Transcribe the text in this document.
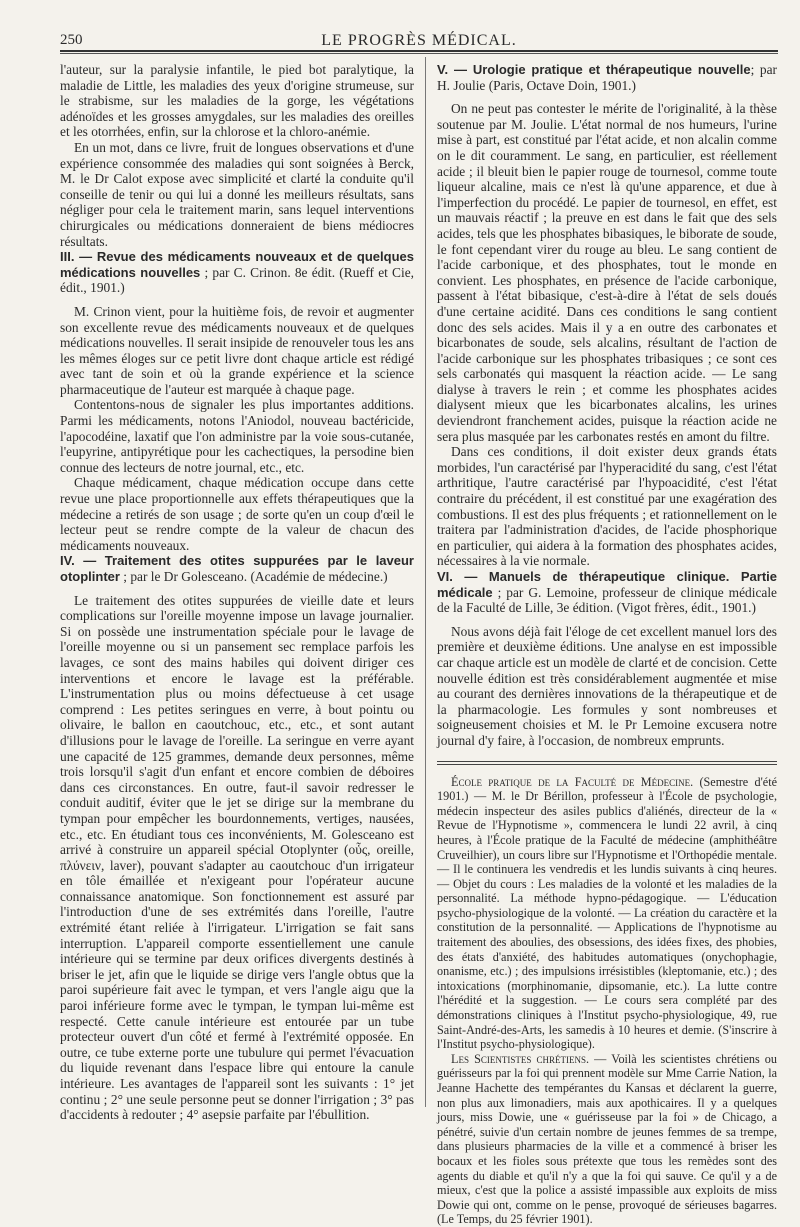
250	LE PROGRÈS MÉDICAL.

l'auteur, sur la paralysie infantile, le pied bot paralytique, la maladie de Little, les maladies des yeux d'origine strumeuse, sur le strabisme, sur les maladies de la gorge, les végétations adénoïdes et les grosses amygdales, sur les maladies des oreilles et les otorrhées, enfin, sur la chlorose et la chloro-anémie.

En un mot, dans ce livre, fruit de longues observations et d'une expérience consommée des maladies qui sont soignées à Berck, M. le Dr Calot expose avec simplicité et clarté la conduite qu'il conseille de tenir ou qui lui a donné les meilleurs résultats, sans négliger pour cela le traitement marin, sans lequel interventions chirurgicales ou médications donneraient de biens médiocres résultats.

III. — Revue des médicaments nouveaux et de quelques médications nouvelles ; par C. Crinon. 8e édit. (Rueff et Cie, édit., 1901.)

M. Crinon vient, pour la huitième fois, de revoir et augmenter son excellente revue des médicaments nouveaux et de quelques médications nouvelles. Il serait insipide de renouveler tous les ans les mêmes éloges sur ce petit livre dont chaque article est rédigé avec tant de soin et où la grande expérience et la science pharmaceutique de l'auteur est marquée à chaque page.

Contentons-nous de signaler les plus importantes additions. Parmi les médicaments, notons l'Aniodol, nouveau bactéricide, l'apocodéine, laxatif que l'on administre par la voie sous-cutanée, l'eupyrine, antipyrétique pour les cachectiques, la persodine bien connue des lecteurs de notre journal, etc., etc.

Chaque médicament, chaque médication occupe dans cette revue une place proportionnelle aux effets thérapeutiques que la médecine a retirés de son usage ; de sorte qu'en un coup d'œil le lecteur peut se rendre compte de la valeur de chacun des médicaments nouveaux.

IV. — Traitement des otites suppurées par le laveur otoplinter ; par le Dr Golesceano. (Académie de médecine.)

Le traitement des otites suppurées de vieille date et leurs complications sur l'oreille moyenne impose un lavage journalier. Si on possède une instrumentation spéciale pour le lavage de l'oreille moyenne ou si un pansement sec remplace parfois les lavages, ce sont des mains habiles qui doivent diriger ces interventions et encore le lavage est la préférable. L'instrumentation plus ou moins défectueuse à cet usage comprend : Les petites seringues en verre, à bout pointu ou olivaire, le ballon en caoutchouc, etc., etc., et sont autant d'illusions pour le lavage de l'oreille. La seringue en verre ayant une capacité de 125 grammes, demande deux personnes, même trois lorsqu'il s'agit d'un enfant et encore combien de déboires dans ces circonstances. En outre, faut-il savoir redresser le conduit auditif, éviter que le jet se dirige sur la membrane du tympan pour empêcher les bourdonnements, vertiges, nausées, etc., etc. En étudiant tous ces inconvénients, M. Golesceano est arrivé à construire un appareil spécial Otoplynter (οὖς, oreille, πλύνειν, laver), pouvant s'adapter au caoutchouc d'un irrigateur en tôle émaillée et n'exigeant pour l'opérateur aucune connaissance anatomique. Son fonctionnement est assuré par l'introduction d'une de ses extrémités dans l'oreille, l'autre extrémité étant reliée à l'irrigateur. L'irrigation se fait sans interruption. L'appareil comporte essentiellement une canule intérieure qui se termine par deux orifices divergents destinés à briser le jet, afin que le liquide se dirige vers l'angle obtus que la paroi supérieure fait avec le tympan, et vers l'angle aigu que la paroi inférieure forme avec le tympan, le tympan lui-même est respecté. Cette canule intérieure est entourée par un tube protecteur ouvert d'un côté et fermé à l'extrémité opposée. En outre, ce tube externe porte une tubulure qui permet l'évacuation du liquide revenant dans l'espace libre qui entoure la canule intérieure. Les avantages de l'appareil sont les suivants : 1° jet continu ; 2° une seule personne peut se donner l'irrigation ; 3° pas d'accidents à redouter ; 4° asepsie parfaite par l'ébullition.

V. — Urologie pratique et thérapeutique nouvelle; par H. Joulie (Paris, Octave Doin, 1901.)

On ne peut pas contester le mérite de l'originalité, à la thèse soutenue par M. Joulie. L'état normal de nos humeurs, l'urine mise à part, est constitué par l'état acide, et non alcalin comme on le dit couramment. Le sang, en particulier, est réellement acide ; il bleuit bien le papier rouge de tournesol, comme toute liqueur alcaline, mais ce n'est là qu'une apparence, et due à l'imperfection du procédé. Le papier de tournesol, en effet, est un mauvais réactif ; la preuve en est dans le fait que des sels acides, tels que les phosphates bibasiques, le biborate de soude, le font cependant virer du rouge au bleu. Le sang contient de l'acide carbonique, et des phosphates, tout le monde en convient. Les phosphates, en présence de l'acide carbonique, passent à l'état bibasique, c'est-à-dire à l'état de sels doués d'une certaine acidité. Dans ces conditions le sang contient donc des sels acides. Mais il y a en outre des carbonates et bicarbonates de soude, sels alcalins, résultant de l'action de l'acide carbonique sur les phosphates tribasiques ; ce sont ces sels carbonatés qui masquent la réaction acide. — Le sang dialyse à travers le rein ; et comme les phosphates acides dialysent mieux que les bicarbonates alcalins, les urines deviendront franchement acides, puisque la réaction acide ne sera plus masquée par les carbonates restés en amont du filtre.

Dans ces conditions, il doit exister deux grands états morbides, l'un caractérisé par l'hyperacidité du sang, c'est l'état arthritique, l'autre caractérisé par l'hypoacidité, c'est l'état contraire du précédent, il est constitué par une exagération des combustions. Il est des plus fréquents ; et rationnellement on le traitera par l'administration d'acides, de l'acide phosphorique en particulier, qui aidera à la formation des phosphates acides, nécessaires à la vie normale.

VI. — Manuels de thérapeutique clinique. Partie médicale ; par G. Lemoine, professeur de clinique médicale de la Faculté de Lille, 3e édition. (Vigot frères, édit., 1901.)

Nous avons déjà fait l'éloge de cet excellent manuel lors des première et deuxième éditions. Une analyse en est impossible car chaque article est un modèle de clarté et de concision. Cette nouvelle édition est très considérablement augmentée et mise au courant des dernières innovations de la thérapeutique et de la pharmacologie. Les formules y sont nombreuses et soigneusement choisies et M. le Pr Lemoine excusera notre journal d'y faire, à l'occasion, de nombreux emprunts.

École pratique de la Faculté de Médecine. (Semestre d'été 1901.) — M. le Dr Bérillon, professeur à l'École de psychologie, médecin inspecteur des asiles publics d'aliénés, directeur de la « Revue de l'Hypnotisme », commencera le lundi 22 avril, à cinq heures, à l'École pratique de la Faculté de médecine (amphithéâtre Cruveilhier), un cours libre sur l'Hypnotisme et l'Orthopédie mentale. — Il le continuera les vendredis et les lundis suivants à cinq heures. — Objet du cours : Les maladies de la volonté et les maladies de la personnalité. La méthode hypno-pédagogique. — L'éducation psycho-physiologique de la volonté. — La création du caractère et la constitution de la personnalité. — Applications de l'hypnotisme au traitement des aboulies, des obsessions, des idées fixes, des phobies, des états d'anxiété, des habitudes automatiques (onychophagie, onanisme, etc.) ; des impulsions irrésistibles (kleptomanie, etc.) ; des intoxications (morphinomanie, dipsomanie, etc.). La lutte contre l'hérédité et la suggestion. — Le cours sera complété par des démonstrations cliniques à l'Institut psycho-physiologique, 49, rue Saint-André-des-Arts, les samedis à 10 heures et demie. (S'inscrire à l'Institut psycho-physiologique).

Les Scientistes chrétiens. — Voilà les scientistes chrétiens ou guérisseurs par la foi qui prennent modèle sur Mme Carrie Nation, la Jeanne Hachette des tempérantes du Kansas et déclarent la guerre, non plus aux limonadiers, mais aux apothicaires. Il y a quelques jours, miss Dowie, une « guérisseuse par la foi » de Chicago, a pénétré, suivie d'un certain nombre de jeunes femmes de sa trempe, dans plusieurs pharmacies de la ville et a commencé à briser les bocaux et les fioles sous prétexte que tous les remèdes sont des agents du diable et qu'il n'y a que la foi qui sauve. Ce qu'il y a de mieux, c'est que la police a assisté impassible aux exploits de miss Dowie qui ont, comme on le pense, provoqué de sérieuses bagarres. (Le Temps, du 25 février 1901).
